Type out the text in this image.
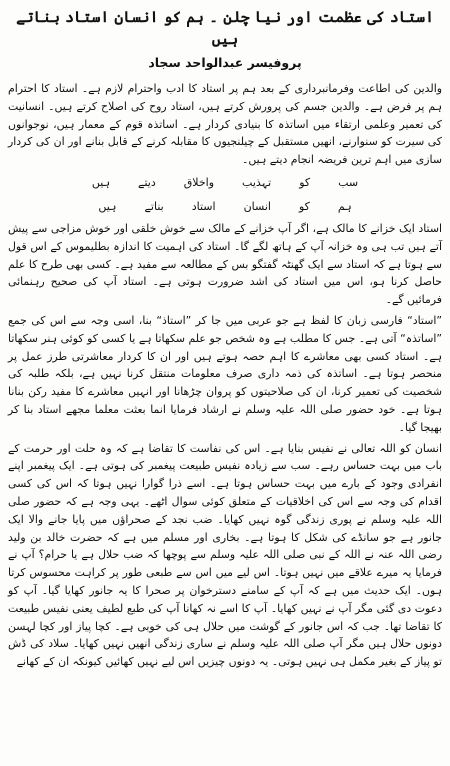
استاد کی عظمت اور نیا چلن ۔ ہم کو انسان استاد بناتے ہیں
پروفیسر عبدالواحد سجاد

والدین کی اطاعت وفرمانبرداری کے بعد ہم پر استاد کا ادب واحترام لازم ہے۔ استاد کا احترام ہم پر فرض ہے۔ والدین جسم کی پرورش کرتے ہیں، استاد روح کی اصلاح کرتے ہیں۔ انسانیت کی تعمیر وعلمی ارتقاء میں اساتذہ کا بنیادی کردار ہے۔ اساتذہ قوم کے معمار ہیں، نوجوانوں کی سیرت کو سنوارنے، انھیں مستقبل کے چیلنجیوں کا مقابلہ کرنے کے قابل بنانے اور ان کی کردار سازی میں اہم ترین فریضہ انجام دیتے ہیں۔

سب
کو
تہذیب
واخلاق
دیتے
ہیں
ہم
کو
انسان
استاد
بناتے
ہیں

استاد ایک خزانے کا مالک ہے، اگر آپ خزانے کے مالک سے خوش خلقی اور خوش مزاجی سے پیش آتے ہیں تب ہی وہ خزانہ آپ کے ہاتھ لگے گا۔ استاد کی اہمیت کا اندازہ بطلیموس کے اس قول سے ہوتا ہے کہ استاد سے ایک گھنٹہ گفتگو بس کے مطالعہ سے مفید ہے۔ کسی بھی طرح کا علم حاصل کرنا ہو، اس میں استاد کی اشد ضرورت ہوتی ہے۔ استاد آپ کی صحیح رہنمائی فرمائیں گے۔

”استاد“ فارسی زبان کا لفظ ہے جو عربی میں جا کر ”استاذ“ بنا، اسی وجہ سے اس کی جمع ”اساتذہ“ آتی ہے۔ جس کا مطلب ہے وہ شخص جو علم سکھاتا ہے یا کسی کو کوئی ہنر سکھاتا ہے۔ استاد کسی بھی معاشرے کا اہم حصہ ہوتے ہیں اور ان کا کردار معاشرتی طرز عمل پر منحصر ہوتا ہے۔ اساتذہ کی ذمہ داری صرف معلومات منتقل کرنا نہیں ہے، بلکہ طلبہ کی شخصیت کی تعمیر کرنا، ان کی صلاحیتوں کو پروان چڑھانا اور انہیں معاشرے کا مفید رکن بنانا ہوتا ہے۔ خود حضور صلی اللہ علیہ وسلم نے ارشاد فرمایا انما بعثت معلما مجھے استاد بنا کر بھیجا گیا۔

انسان کو اللہ تعالی نے نفیس بنایا ہے۔ اس کی نفاست کا تقاضا ہے کہ وہ حلت اور حرمت کے باب میں بہت حساس رہے۔ سب سے زیادہ نفیس طبیعت پیغمبر کی ہوتی ہے۔ ایک پیغمبر اپنے انفرادی وجود کے بارے میں بہت حساس ہوتا ہے۔ اسے ذرا گوارا نہیں ہوتا کہ اس کی کسی اقدام کی وجہ سے اس کی اخلاقیات کے متعلق کوئی سوال اٹھے۔ یہی وجہ ہے کہ حضور صلی اللہ علیہ وسلم نے پوری زندگی گوہ نہیں کھایا۔ ضب نجد کے صحراؤں میں پایا جانے والا ایک جانور ہے جو سانڈے کی شکل کا ہوتا ہے۔ بخاری اور مسلم میں ہے کہ حضرت خالد بن ولید رضی اللہ عنہ نے اللہ کے نبی صلی اللہ علیہ وسلم سے پوچھا کہ ضب حلال ہے یا حرام؟ آپ نے فرمایا یہ میرے علاقے میں نہیں ہوتا۔ اس لیے میں اس سے طبعی طور پر کراہت محسوس کرتا ہوں۔ ایک حدیث میں ہے کہ آپ کے سامنے دسترخوان پر صحرا کا یہ جانور کھایا گیا۔ آپ کو دعوت دی گئی مگر آپ نے نہیں کھایا۔ آپ کا اسے نہ کھانا آپ کی طبع لطیف یعنی نفیس طبیعت کا تقاضا تھا۔ جب کہ اس جانور کے گوشت میں حلال ہی کی خوبی ہے۔ کچا پیاز اور کچا لہسن دونوں حلال ہیں مگر آپ صلی اللہ علیہ وسلم نے ساری زندگی انھیں نہیں کھایا۔ سلاد کی ڈش تو پیاز کے بغیر مکمل ہی نہیں ہوتی۔ یہ دونوں چیزیں اس لیے نہیں کھائیں کیونکہ ان کے کھانے
